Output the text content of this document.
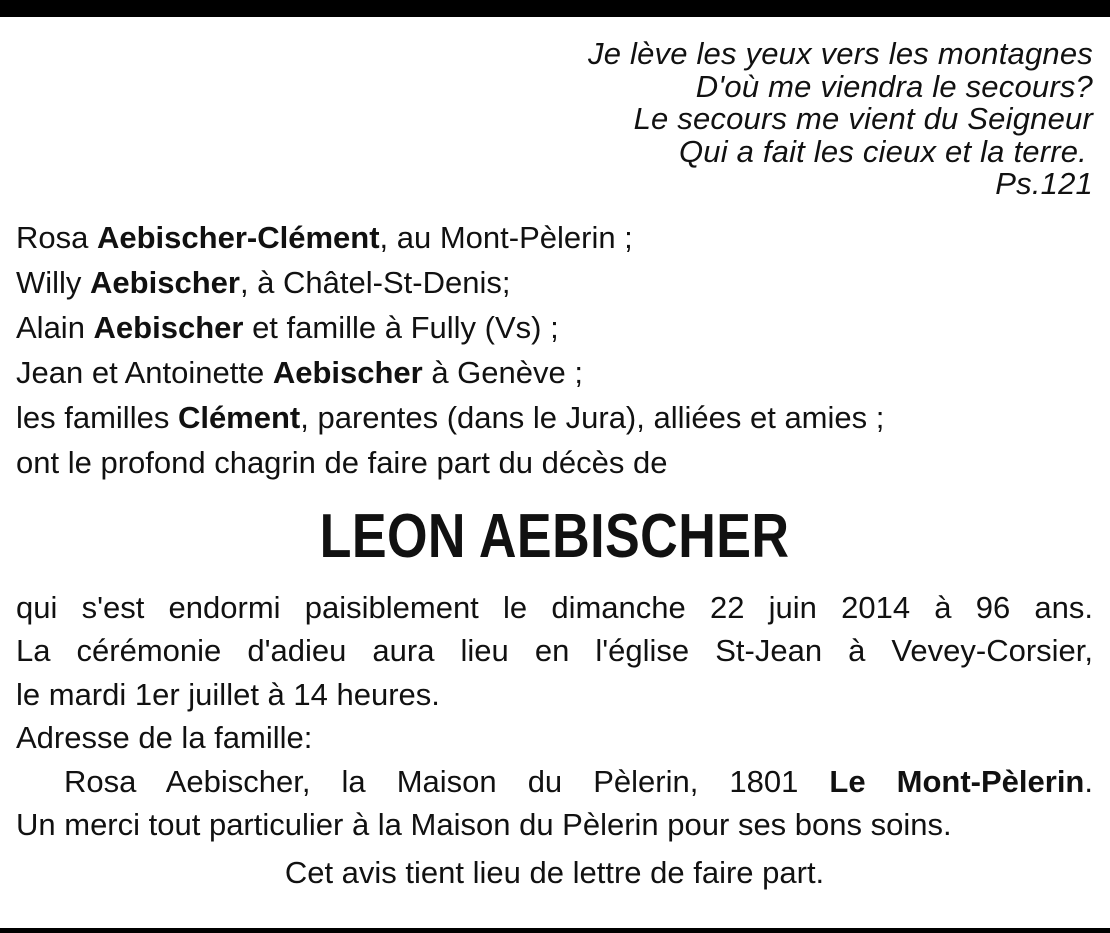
Je lève les yeux vers les montagnes
D'où me viendra le secours?
Le secours me vient du Seigneur
Qui a fait les cieux et la terre.
Ps.121
Rosa Aebischer-Clément, au Mont-Pèlerin ;
Willy Aebischer, à Châtel-St-Denis;
Alain Aebischer et famille à Fully (Vs) ;
Jean et Antoinette Aebischer à Genève ;
les familles Clément, parentes (dans le Jura), alliées et amies ;
ont le profond chagrin de faire part du décès de
LEON AEBISCHER
qui s'est endormi paisiblement le dimanche 22 juin 2014 à 96 ans.
La cérémonie d'adieu aura lieu en l'église St-Jean à Vevey-Corsier,
le mardi 1er juillet à 14 heures.
Adresse de la famille:
Rosa Aebischer, la Maison du Pèlerin, 1801 Le Mont-Pèlerin.
Un merci tout particulier à la Maison du Pèlerin pour ses bons soins.
Cet avis tient lieu de lettre de faire part.
